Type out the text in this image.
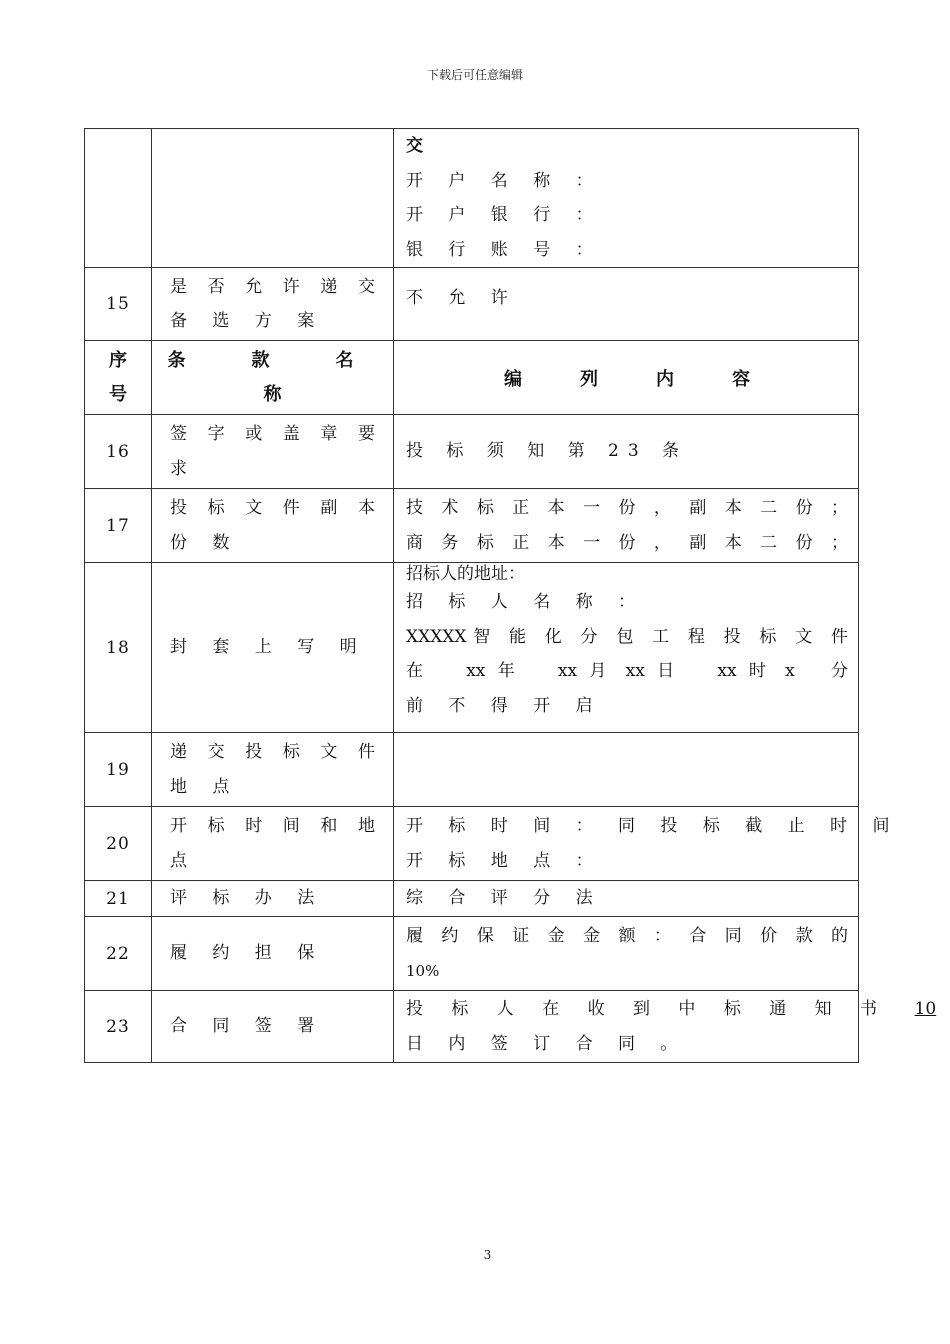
下载后可任意编辑

		交
开 户 名 称 ：
开 户 银 行 ：
银 行 账 号 ：

15	是 否 允 许 递 交
备 选 方 案	不 允 许

序
号	条　款　名
称	编列内容
16	签 字 或 盖 章 要
求	投 标 须 知 第 23 条

17	投 标 文 件 副 本
份 数	技 术 标 正 本 一 份 ， 副 本 二 份 ；
商 务 标 正 本 一 份 ， 副 本 二 份 ；

18	封 套 上 写 明	招标人的地址：
招 标 人 名 称 ：
XXXXX智 能 化 分 包 工 程 投 标 文 件
在 　xx 年 　xx 月 xx 日 　xx 时 x 　分
前 不 得 开 启

19	递 交 投 标 文 件
地 点	

20	开 标 时 间 和 地
点	开 标 时 间 ： 同 投 标 截 止 时 间
开 标 地 点 ：

21	评 标 办 法	综 合 评 分 法

22	履 约 担 保	履 约 保 证 金 金 额 ： 合 同 价 款 的
10%

23	合 同 签 署	投 标 人 在 收 到 中 标 通 知 书 10
日 内 签 订 合 同 。
3
